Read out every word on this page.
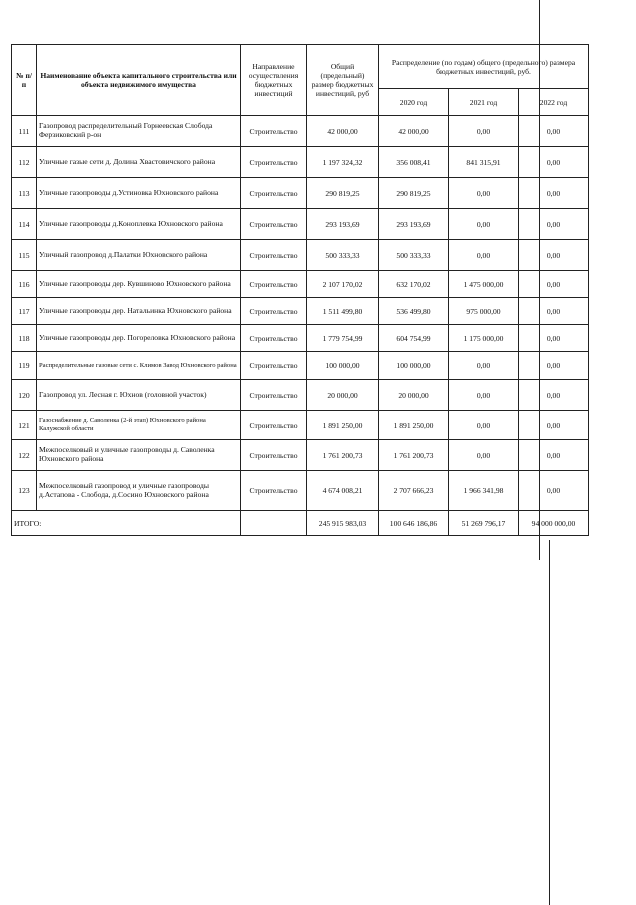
№ п/п	Наименование объекта капитального строительства или объекта недвижимого имущества	Направление осуществления бюджетных инвестиций	Общий (предельный) размер бюджетных инвестиций, руб	Распределение (по годам) общего (предельного) размера бюджетных инвестиций, руб.		
				2020 год	2021 год	2022 год
111	Газопровод распределительный Горнеевская Слобода Ферзиковский р-он	Строительство	42 000,00	42 000,00	0,00	0,00
112	Уличные газые сети д. Долина Хвастовичского района	Строительство	1 197 324,32	356 008,41	841 315,91	0,00
113	Уличные газопроводы д.Устиновка Юхновского района	Строительство	290 819,25	290 819,25	0,00	0,00
114	Уличные газопроводы д.Коноплевка Юхновского района	Строительство	293 193,69	293 193,69	0,00	0,00
115	Уличный газопровод д.Палатки Юхновского района	Строительство	500 333,33	500 333,33	0,00	0,00
116	Уличные газопроводы дер. Кувшиново Юхновского района	Строительство	2 107 170,02	632 170,02	1 475 000,00	0,00
117	Уличные газопроводы дер. Натальинка Юхновского района	Строительство	1 511 499,80	536 499,80	975 000,00	0,00
118	Уличные газопроводы дер. Погореловка Юхновского района	Строительство	1 779 754,99	604 754,99	1 175 000,00	0,00
119	Распределительные газовые сети с. Климов Завод Юхновского района	Строительство	100 000,00	100 000,00	0,00	0,00
120	Газопровод ул. Лесная г. Юхнов (головной участок)	Строительство	20 000,00	20 000,00	0,00	0,00
121	Газоснабжение д. Саволенка (2-й этап) Юхновского района Калужской области	Строительство	1 891 250,00	1 891 250,00	0,00	0,00
122	Межпоселковый и уличные газопроводы д. Саволенка Юхновского района	Строительство	1 761 200,73	1 761 200,73	0,00	0,00
123	Межпоселковый газопровод и уличные газопроводы д.Астапова - Слобода, д.Сосино Юхновского района	Строительство	4 674 008,21	2 707 666,23	1 966 341,98	0,00
ИТОГО:			245 915 983,03	100 646 186,86	51 269 796,17	94 000 000,00
